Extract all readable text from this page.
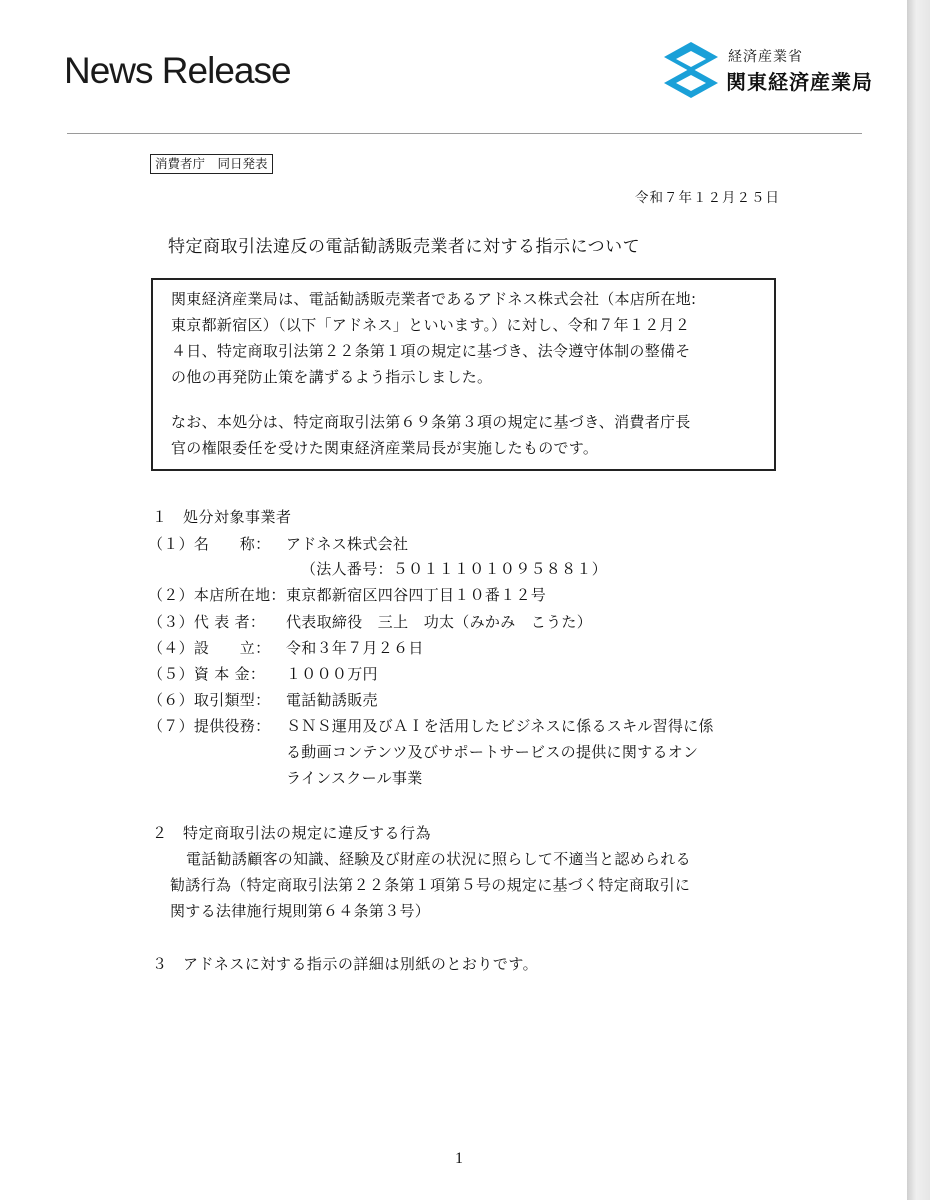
News Release	経済産業省
関東経済産業局
消費者庁　同日発表
令和７年１２月２５日
特定商取引法違反の電話勧誘販売業者に対する指示について

関東経済産業局は、電話勧誘販売業者であるアドネス株式会社（本店所在地:

東京都新宿区）（以下「アドネス」といいます。）に対し、令和７年１２月２

４日、特定商取引法第２２条第１項の規定に基づき、法令遵守体制の整備そ

の他の再発防止策を講ずるよう指示しました。

なお、本処分は、特定商取引法第６９条第３項の規定に基づき、消費者庁長

官の権限委任を受けた関東経済産業局長が実施したものです。

１　処分対象事業者
（１）名　　称： アドネス株式会社
（法人番号：５０１１１０１０９５８８１）
（２）本店所在地：東京都新宿区四谷四丁目１０番１２号
（３）代 表 者： 代表取締役　三上　功太（みかみ　こうた）
（４）設　　立： 令和３年７月２６日
（５）資 本 金： １０００万円
（６）取引類型： 電話勧誘販売
（７）提供役務： ＳＮＳ運用及びＡＩを活用したビジネスに係るスキル習得に係
る動画コンテンツ及びサポートサービスの提供に関するオン
ラインスクール事業
２　特定商取引法の規定に違反する行為
電話勧誘顧客の知識、経験及び財産の状況に照らして不適当と認められる
勧誘行為（特定商取引法第２２条第１項第５号の規定に基づく特定商取引に
関する法律施行規則第６４条第３号）
３　アドネスに対する指示の詳細は別紙のとおりです。
1
